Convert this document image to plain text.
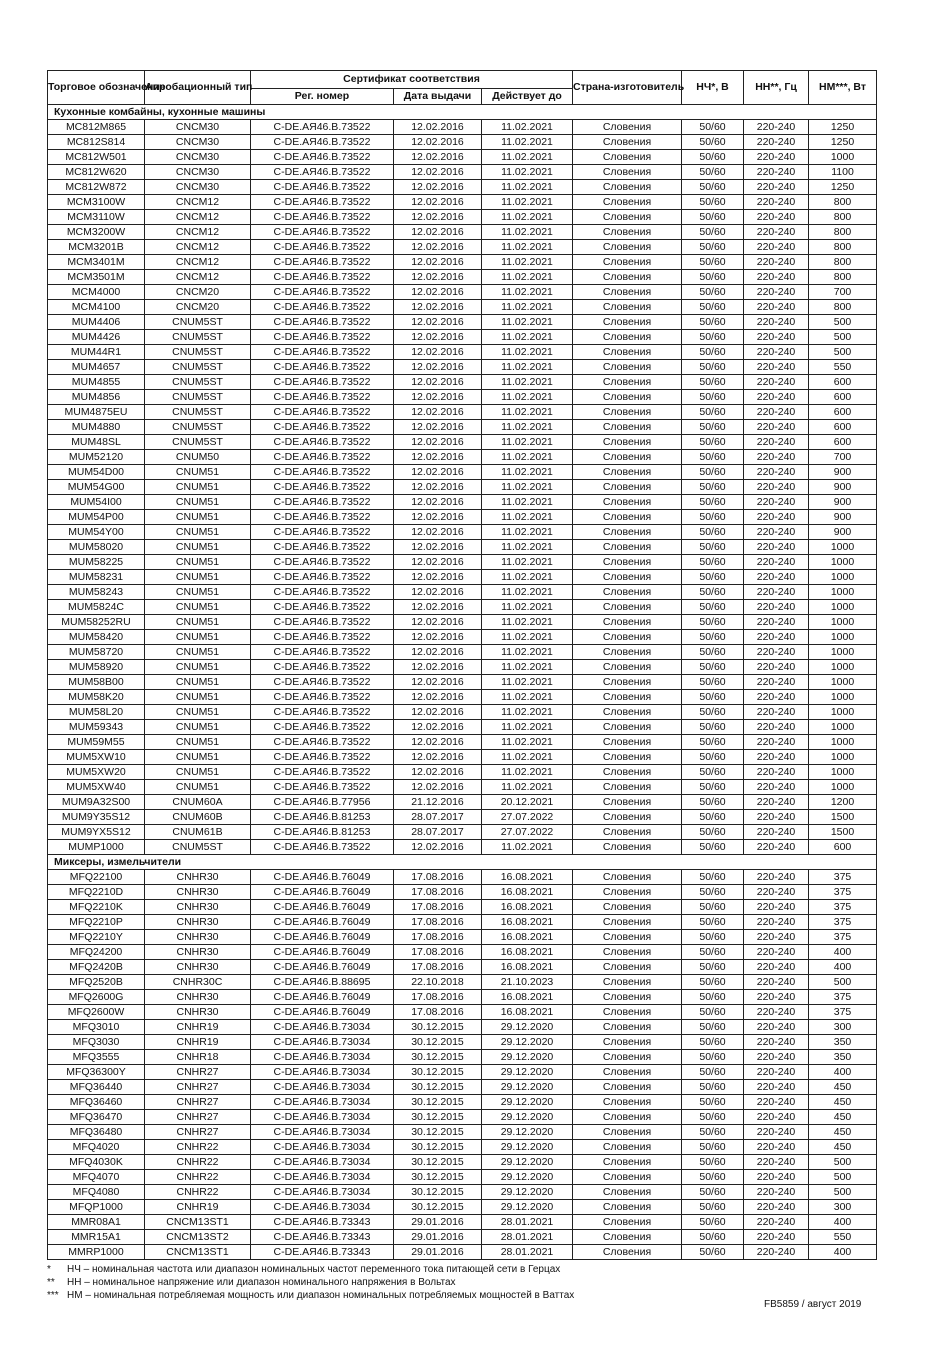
Торговое обозначение	Апробационный тип	Сертификат соответствия			Страна-изготовитель	НЧ*, В	НН**, Гц	НМ***, Вт
		Рег. номер	Дата выдачи	Действует до				
Кухонные комбайны, кухонные машины								
MC812M865	CNCM30	C-DE.АЯ46.В.73522	12.02.2016	11.02.2021	Словения	50/60	220-240	1250
MC812S814	CNCM30	C-DE.АЯ46.В.73522	12.02.2016	11.02.2021	Словения	50/60	220-240	1250
MC812W501	CNCM30	C-DE.АЯ46.В.73522	12.02.2016	11.02.2021	Словения	50/60	220-240	1000
MC812W620	CNCM30	C-DE.АЯ46.В.73522	12.02.2016	11.02.2021	Словения	50/60	220-240	1100
MC812W872	CNCM30	C-DE.АЯ46.В.73522	12.02.2016	11.02.2021	Словения	50/60	220-240	1250
MCM3100W	CNCM12	C-DE.АЯ46.В.73522	12.02.2016	11.02.2021	Словения	50/60	220-240	800
MCM3110W	CNCM12	C-DE.АЯ46.В.73522	12.02.2016	11.02.2021	Словения	50/60	220-240	800
MCM3200W	CNCM12	C-DE.АЯ46.В.73522	12.02.2016	11.02.2021	Словения	50/60	220-240	800
MCM3201B	CNCM12	C-DE.АЯ46.В.73522	12.02.2016	11.02.2021	Словения	50/60	220-240	800
MCM3401M	CNCM12	C-DE.АЯ46.В.73522	12.02.2016	11.02.2021	Словения	50/60	220-240	800
MCM3501M	CNCM12	C-DE.АЯ46.В.73522	12.02.2016	11.02.2021	Словения	50/60	220-240	800
MCM4000	CNCM20	C-DE.АЯ46.В.73522	12.02.2016	11.02.2021	Словения	50/60	220-240	700
MCM4100	CNCM20	C-DE.АЯ46.В.73522	12.02.2016	11.02.2021	Словения	50/60	220-240	800
MUM4406	CNUM5ST	C-DE.АЯ46.В.73522	12.02.2016	11.02.2021	Словения	50/60	220-240	500
MUM4426	CNUM5ST	C-DE.АЯ46.В.73522	12.02.2016	11.02.2021	Словения	50/60	220-240	500
MUM44R1	CNUM5ST	C-DE.АЯ46.В.73522	12.02.2016	11.02.2021	Словения	50/60	220-240	500
MUM4657	CNUM5ST	C-DE.АЯ46.В.73522	12.02.2016	11.02.2021	Словения	50/60	220-240	550
MUM4855	CNUM5ST	C-DE.АЯ46.В.73522	12.02.2016	11.02.2021	Словения	50/60	220-240	600
MUM4856	CNUM5ST	C-DE.АЯ46.В.73522	12.02.2016	11.02.2021	Словения	50/60	220-240	600
MUM4875EU	CNUM5ST	C-DE.АЯ46.В.73522	12.02.2016	11.02.2021	Словения	50/60	220-240	600
MUM4880	CNUM5ST	C-DE.АЯ46.В.73522	12.02.2016	11.02.2021	Словения	50/60	220-240	600
MUM48SL	CNUM5ST	C-DE.АЯ46.В.73522	12.02.2016	11.02.2021	Словения	50/60	220-240	600
MUM52120	CNUM50	C-DE.АЯ46.В.73522	12.02.2016	11.02.2021	Словения	50/60	220-240	700
MUM54D00	CNUM51	C-DE.АЯ46.В.73522	12.02.2016	11.02.2021	Словения	50/60	220-240	900
MUM54G00	CNUM51	C-DE.АЯ46.В.73522	12.02.2016	11.02.2021	Словения	50/60	220-240	900
MUM54I00	CNUM51	C-DE.АЯ46.В.73522	12.02.2016	11.02.2021	Словения	50/60	220-240	900
MUM54P00	CNUM51	C-DE.АЯ46.В.73522	12.02.2016	11.02.2021	Словения	50/60	220-240	900
MUM54Y00	CNUM51	C-DE.АЯ46.В.73522	12.02.2016	11.02.2021	Словения	50/60	220-240	900
MUM58020	CNUM51	C-DE.АЯ46.В.73522	12.02.2016	11.02.2021	Словения	50/60	220-240	1000
MUM58225	CNUM51	C-DE.АЯ46.В.73522	12.02.2016	11.02.2021	Словения	50/60	220-240	1000
MUM58231	CNUM51	C-DE.АЯ46.В.73522	12.02.2016	11.02.2021	Словения	50/60	220-240	1000
MUM58243	CNUM51	C-DE.АЯ46.В.73522	12.02.2016	11.02.2021	Словения	50/60	220-240	1000
MUM5824C	CNUM51	C-DE.АЯ46.В.73522	12.02.2016	11.02.2021	Словения	50/60	220-240	1000
MUM58252RU	CNUM51	C-DE.АЯ46.В.73522	12.02.2016	11.02.2021	Словения	50/60	220-240	1000
MUM58420	CNUM51	C-DE.АЯ46.В.73522	12.02.2016	11.02.2021	Словения	50/60	220-240	1000
MUM58720	CNUM51	C-DE.АЯ46.В.73522	12.02.2016	11.02.2021	Словения	50/60	220-240	1000
MUM58920	CNUM51	C-DE.АЯ46.В.73522	12.02.2016	11.02.2021	Словения	50/60	220-240	1000
MUM58B00	CNUM51	C-DE.АЯ46.В.73522	12.02.2016	11.02.2021	Словения	50/60	220-240	1000
MUM58K20	CNUM51	C-DE.АЯ46.В.73522	12.02.2016	11.02.2021	Словения	50/60	220-240	1000
MUM58L20	CNUM51	C-DE.АЯ46.В.73522	12.02.2016	11.02.2021	Словения	50/60	220-240	1000
MUM59343	CNUM51	C-DE.АЯ46.В.73522	12.02.2016	11.02.2021	Словения	50/60	220-240	1000
MUM59M55	CNUM51	C-DE.АЯ46.В.73522	12.02.2016	11.02.2021	Словения	50/60	220-240	1000
MUM5XW10	CNUM51	C-DE.АЯ46.В.73522	12.02.2016	11.02.2021	Словения	50/60	220-240	1000
MUM5XW20	CNUM51	C-DE.АЯ46.В.73522	12.02.2016	11.02.2021	Словения	50/60	220-240	1000
MUM5XW40	CNUM51	C-DE.АЯ46.В.73522	12.02.2016	11.02.2021	Словения	50/60	220-240	1000
MUM9A32S00	CNUM60A	C-DE.АЯ46.В.77956	21.12.2016	20.12.2021	Словения	50/60	220-240	1200
MUM9Y35S12	CNUM60B	C-DE.АЯ46.В.81253	28.07.2017	27.07.2022	Словения	50/60	220-240	1500
MUM9YX5S12	CNUM61B	C-DE.АЯ46.В.81253	28.07.2017	27.07.2022	Словения	50/60	220-240	1500
MUMP1000	CNUM5ST	C-DE.АЯ46.В.73522	12.02.2016	11.02.2021	Словения	50/60	220-240	600
Миксеры, измельчители								
MFQ22100	CNHR30	C-DE.АЯ46.В.76049	17.08.2016	16.08.2021	Словения	50/60	220-240	375
MFQ2210D	CNHR30	C-DE.АЯ46.В.76049	17.08.2016	16.08.2021	Словения	50/60	220-240	375
MFQ2210K	CNHR30	C-DE.АЯ46.В.76049	17.08.2016	16.08.2021	Словения	50/60	220-240	375
MFQ2210P	CNHR30	C-DE.АЯ46.В.76049	17.08.2016	16.08.2021	Словения	50/60	220-240	375
MFQ2210Y	CNHR30	C-DE.АЯ46.В.76049	17.08.2016	16.08.2021	Словения	50/60	220-240	375
MFQ24200	CNHR30	C-DE.АЯ46.В.76049	17.08.2016	16.08.2021	Словения	50/60	220-240	400
MFQ2420B	CNHR30	C-DE.АЯ46.В.76049	17.08.2016	16.08.2021	Словения	50/60	220-240	400
MFQ2520B	CNHR30C	C-DE.АЯ46.В.88695	22.10.2018	21.10.2023	Словения	50/60	220-240	500
MFQ2600G	CNHR30	C-DE.АЯ46.В.76049	17.08.2016	16.08.2021	Словения	50/60	220-240	375
MFQ2600W	CNHR30	C-DE.АЯ46.В.76049	17.08.2016	16.08.2021	Словения	50/60	220-240	375
MFQ3010	CNHR19	C-DE.АЯ46.В.73034	30.12.2015	29.12.2020	Словения	50/60	220-240	300
MFQ3030	CNHR19	C-DE.АЯ46.В.73034	30.12.2015	29.12.2020	Словения	50/60	220-240	350
MFQ3555	CNHR18	C-DE.АЯ46.В.73034	30.12.2015	29.12.2020	Словения	50/60	220-240	350
MFQ36300Y	CNHR27	C-DE.АЯ46.В.73034	30.12.2015	29.12.2020	Словения	50/60	220-240	400
MFQ36440	CNHR27	C-DE.АЯ46.В.73034	30.12.2015	29.12.2020	Словения	50/60	220-240	450
MFQ36460	CNHR27	C-DE.АЯ46.В.73034	30.12.2015	29.12.2020	Словения	50/60	220-240	450
MFQ36470	CNHR27	C-DE.АЯ46.В.73034	30.12.2015	29.12.2020	Словения	50/60	220-240	450
MFQ36480	CNHR27	C-DE.АЯ46.В.73034	30.12.2015	29.12.2020	Словения	50/60	220-240	450
MFQ4020	CNHR22	C-DE.АЯ46.В.73034	30.12.2015	29.12.2020	Словения	50/60	220-240	450
MFQ4030K	CNHR22	C-DE.АЯ46.В.73034	30.12.2015	29.12.2020	Словения	50/60	220-240	500
MFQ4070	CNHR22	C-DE.АЯ46.В.73034	30.12.2015	29.12.2020	Словения	50/60	220-240	500
MFQ4080	CNHR22	C-DE.АЯ46.В.73034	30.12.2015	29.12.2020	Словения	50/60	220-240	500
MFQP1000	CNHR19	C-DE.АЯ46.В.73034	30.12.2015	29.12.2020	Словения	50/60	220-240	300
MMR08A1	CNCM13ST1	C-DE.АЯ46.В.73343	29.01.2016	28.01.2021	Словения	50/60	220-240	400
MMR15A1	CNCM13ST2	C-DE.АЯ46.В.73343	29.01.2016	28.01.2021	Словения	50/60	220-240	550
MMRP1000	CNCM13ST1	C-DE.АЯ46.В.73343	29.01.2016	28.01.2021	Словения	50/60	220-240	400
* НЧ – номинальная частота или диапазон номинальных частот переменного тока питающей сети в Герцах
** НН – номинальное напряжение или диапазон номинального напряжения в Вольтах
*** НМ – номинальная потребляемая мощность или диапазон номинальных потребляемых мощностей в Ваттах
FB5859 / август 2019
